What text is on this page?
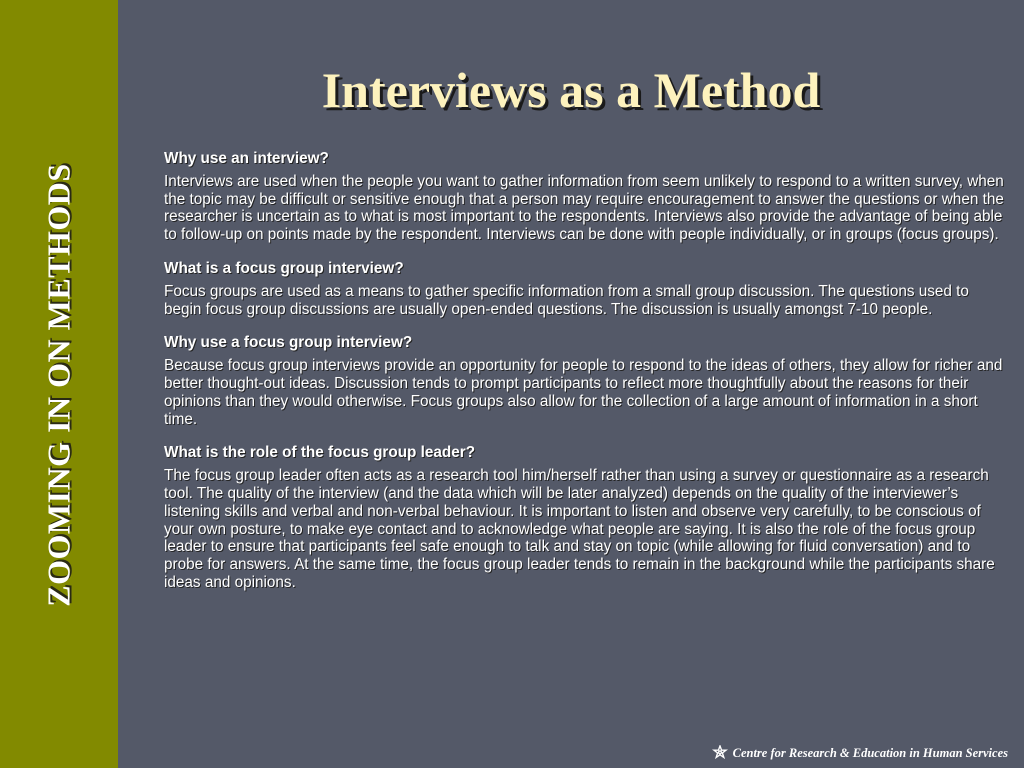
ZOOMING IN ON METHODS
Interviews as a Method

Why use an interview?

Interviews are used when the people you want to gather information from seem unlikely to respond to a written survey, when the topic may be difficult or sensitive enough that a person may require encouragement to answer the questions or when the researcher is uncertain as to what is most important to the respondents. Interviews also provide the advantage of being able to follow-up on points made by the respondent. Interviews can be done with people individually, or in groups (focus groups).

What is a focus group interview?

Focus groups are used as a means to gather specific information from a small group discussion. The questions used to begin focus group discussions are usually open-ended questions. The discussion is usually amongst 7-10 people.

Why use a focus group interview?

Because focus group interviews provide an opportunity for people to respond to the ideas of others, they allow for richer and better thought-out ideas. Discussion tends to prompt participants to reflect more thoughtfully about the reasons for their opinions than they would otherwise. Focus groups also allow for the collection of a large amount of information in a short time.

What is the role of the focus group leader?

The focus group leader often acts as a research tool him/herself rather than using a survey or questionnaire as a research tool. The quality of the interview (and the data which will be later analyzed) depends on the quality of the interviewer’s listening skills and verbal and non-verbal behaviour. It is important to listen and observe very carefully, to be conscious of your own posture, to make eye contact and to acknowledge what people are saying. It is also the role of the focus group leader to ensure that participants feel safe enough to talk and stay on topic (while allowing for fluid conversation) and to probe for answers. At the same time, the focus group leader tends to remain in the background while the participants share ideas and opinions.

Centre for Research & Education in Human Services
